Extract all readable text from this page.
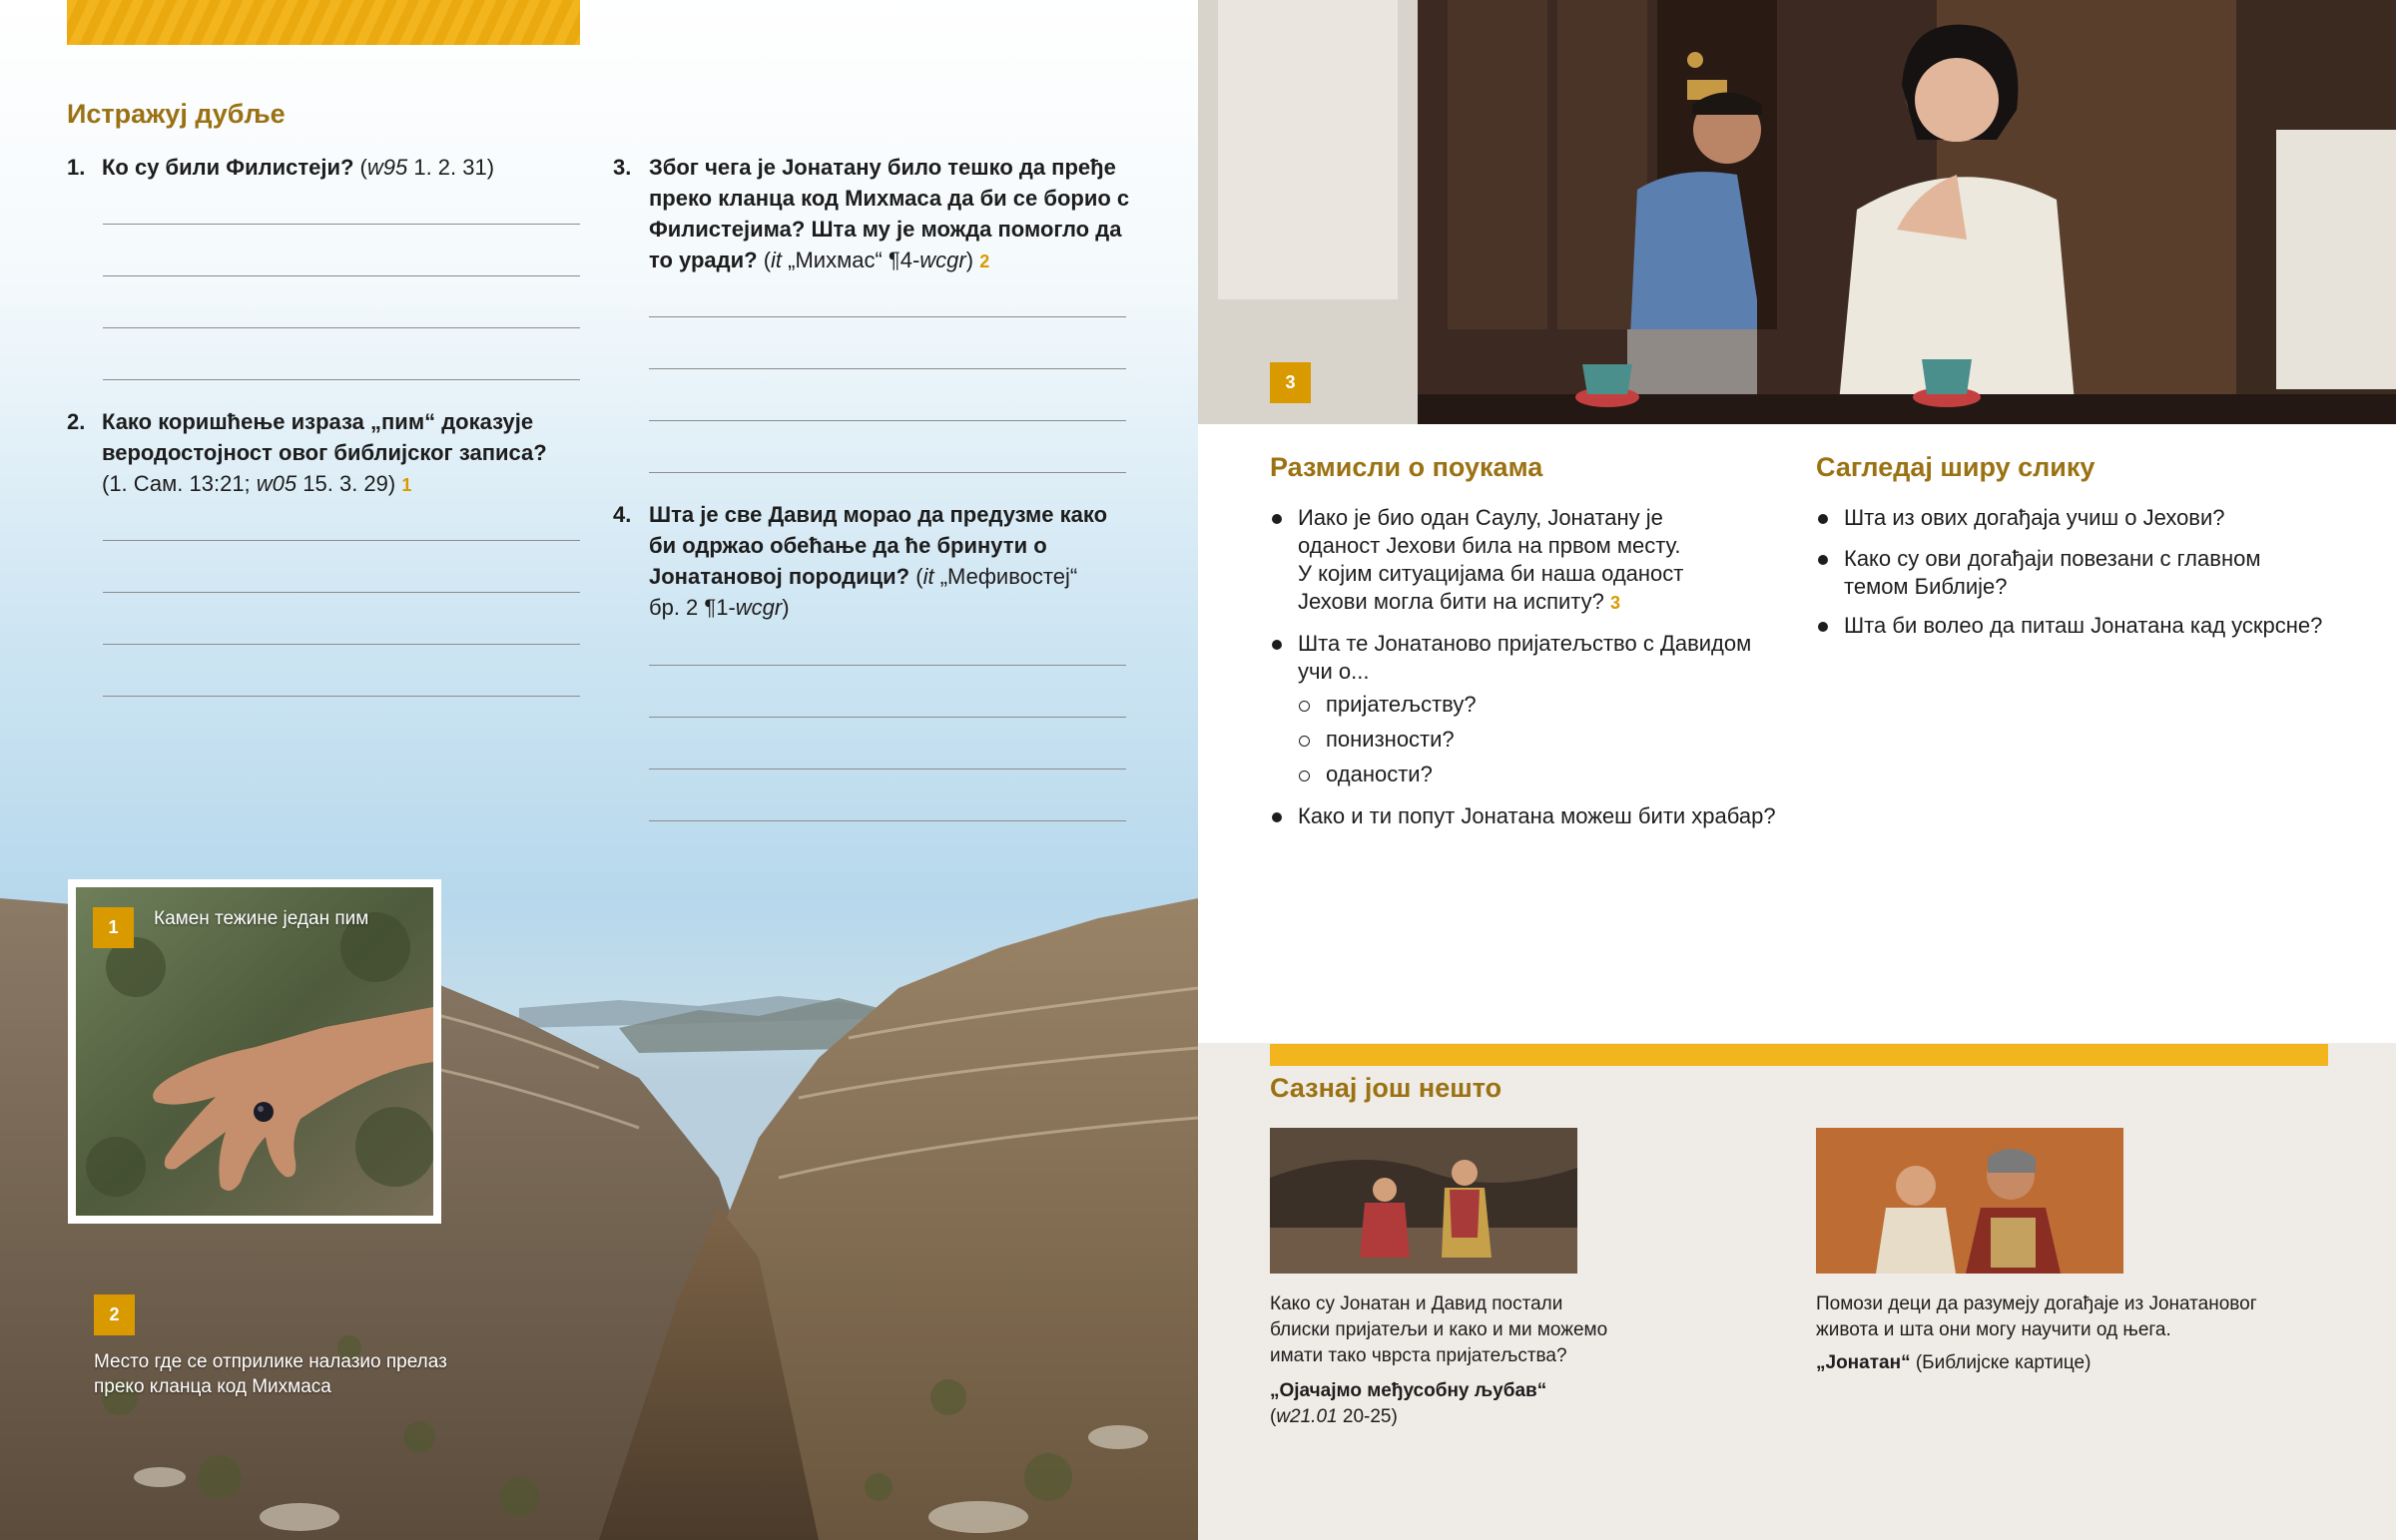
Истражуј дубље
1. Ко су били Филистеји? (w95 1. 2. 31)
2. Како коришћење израза „пим“ доказује веродостојност овог библијског записа?
(1. Сам. 13:21; w05 15. 3. 29) 1
3. Због чега је Јонатану било тешко да пређе преко кланца код Михмаса да би се борио с Филистејима? Шта му је можда помогло да то уради? (it „Михмас“ ¶4-wcgr) 2
4. Шта је све Давид морао да предузме како би одржао обећање да ће бринути о Јонатановој породици? (it „Мефивостеј“ бр. 2 ¶1-wcgr)
1	Камен тежине један пим
2
Место где се отприлике налазио прелаз
преко кланца код Михмаса
3
Размисли о поукама
Иако је био одан Саулу, Јонатану је
оданост Јехови била на првом месту.
У којим ситуацијама би наша оданост
Јехови могла бити на испиту? 3
Шта те Јонатаново пријатељство с Давидом
учи о...
пријатељству?
понизности?
оданости?
Како и ти попут Јонатана можеш бити храбар?
Сагледај ширу слику
Шта из ових догађаја учиш о Јехови?
Како су ови догађаји повезани с главном
темом Библије?
Шта би волео да питаш Јонатана кад ускрсне?
Сазнај још нешто
Како су Јонатан и Давид постали
блиски пријатељи и како и ми можемо
имати тако чврста пријатељства?
„Ојачајмо међусобну љубав“
(w21.01 20-25)
Помози деци да разумеју догађаје из Јонатановог
живота и шта они могу научити од њега.
„Јонатан“ (Библијске картице)
